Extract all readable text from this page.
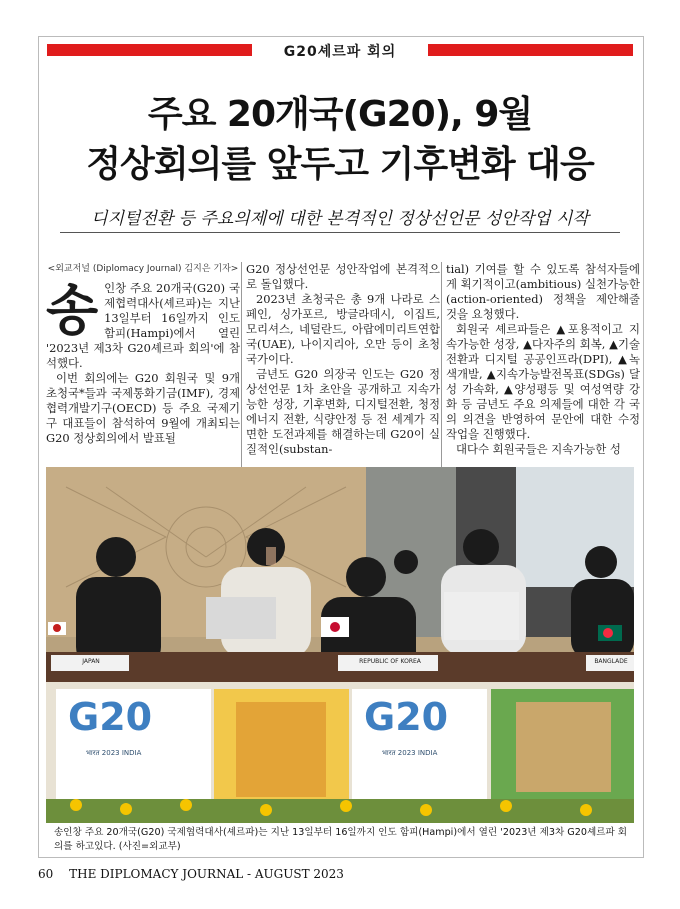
G20셰르파 회의
주요 20개국(G20), 9월
정상회의를 앞두고 기후변화 대응
디지털전환 등 주요의제에 대한 본격적인 정상선언문 성안작업 시작
<외교저널 (Diplomacy Journal) 김지은 기자>
송 인창 주요 20개국(G20) 국제협력대사(셰르파)는 지난 13일부터 16일까지 인도 함피(Hampi)에서 열린 '2023년 제3차 G20셰르파 회의'에 참석했다.

이번 회의에는 G20 회원국 및 9개 초청국*들과 국제통화기금(IMF), 경제협력개발기구(OECD) 등 주요 국제기구 대표들이 참석하여 9월에 개최되는 G20 정상회의에서 발표될

G20 정상선언문 성안작업에 본격적으로 돌입했다.

2023년 초청국은 총 9개 나라로 스페인, 싱가포르, 방글라데시, 이집트, 모리셔스, 네덜란드, 아랍에미리트연합국(UAE), 나이지리아, 오만 등이 초청국가이다.

금년도 G20 의장국 인도는 G20 정상선언문 1차 초안을 공개하고 지속가능한 성장, 기후변화, 디지털전환, 청정에너지 전환, 식량안정 등 전 세계가 직면한 도전과제를 해결하는데 G20이 실질적인(substan-

tial) 기여를 할 수 있도록 참석자들에게 획기적이고(ambitious) 실천가능한(action-oriented) 정책을 제안해줄 것을 요청했다.

회원국 셰르파들은 ▲포용적이고 지속가능한 성장, ▲다자주의 회복, ▲기술전환과 디지털 공공인프라(DPI), ▲녹색개발, ▲지속가능발전목표(SDGs) 달성 가속화, ▲양성평등 및 여성역량 강화 등 금년도 주요 의제들에 대한 각 국의 의견을 반영하여 문안에 대한 수정 작업을 진행했다.

대다수 회원국들은 지속가능한 성

JAPAN	REPUBLIC OF KOREA	BANGLADE
G20
भारत 2023 INDIA
G20
भारत 2023 INDIA
송인창 주요 20개국(G20) 국제협력대사(셰르파)는 지난 13일부터 16일까지 인도 함피(Hampi)에서 열린 '2023년 제3차 G20셰르파 회의를 하고있다. (사진=외교부)
60 THE DIPLOMACY JOURNAL - AUGUST 2023
